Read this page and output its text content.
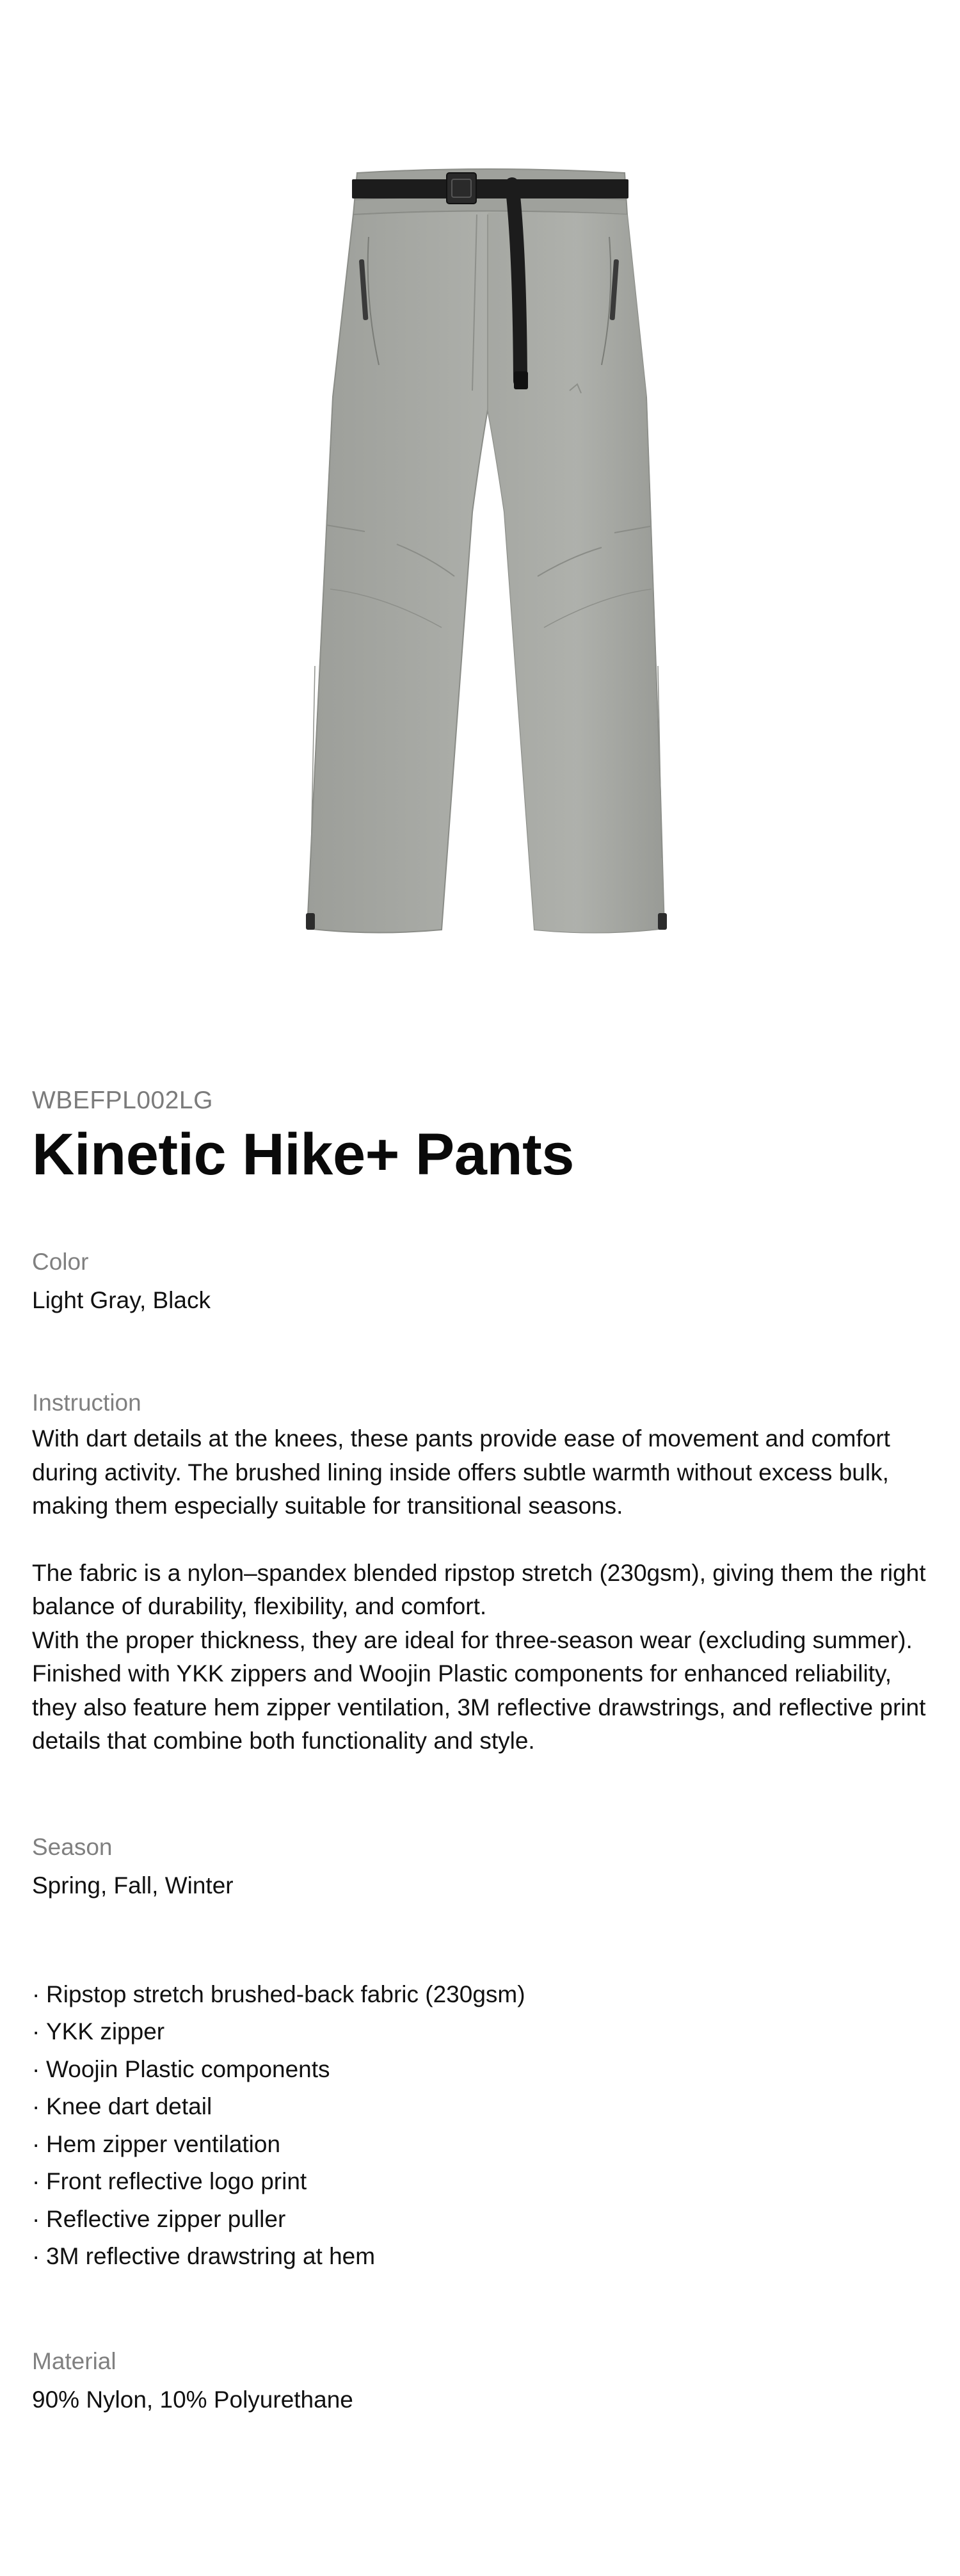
WBEFPL002LG

Kinetic Hike+ Pants

Color

Light Gray, Black

Instruction

With dart details at the knees, these pants provide ease of movement and comfort during activity. The brushed lining inside offers subtle warmth without excess bulk, making them especially suitable for transitional seasons.

The fabric is a nylon–spandex blended ripstop stretch (230gsm), giving them the right balance of durability, flexibility, and comfort.

With the proper thickness, they are ideal for three-season wear (excluding summer). Finished with YKK zippers and Woojin Plastic components for enhanced reliability, they also feature hem zipper ventilation, 3M reflective drawstrings, and reflective print details that combine both functionality and style.

Season

Spring, Fall, Winter

· Ripstop stretch brushed-back fabric (230gsm)
· YKK zipper
· Woojin Plastic components
· Knee dart detail
· Hem zipper ventilation
· Front reflective logo print
· Reflective zipper puller
· 3M reflective drawstring at hem

Material

90% Nylon, 10% Polyurethane
